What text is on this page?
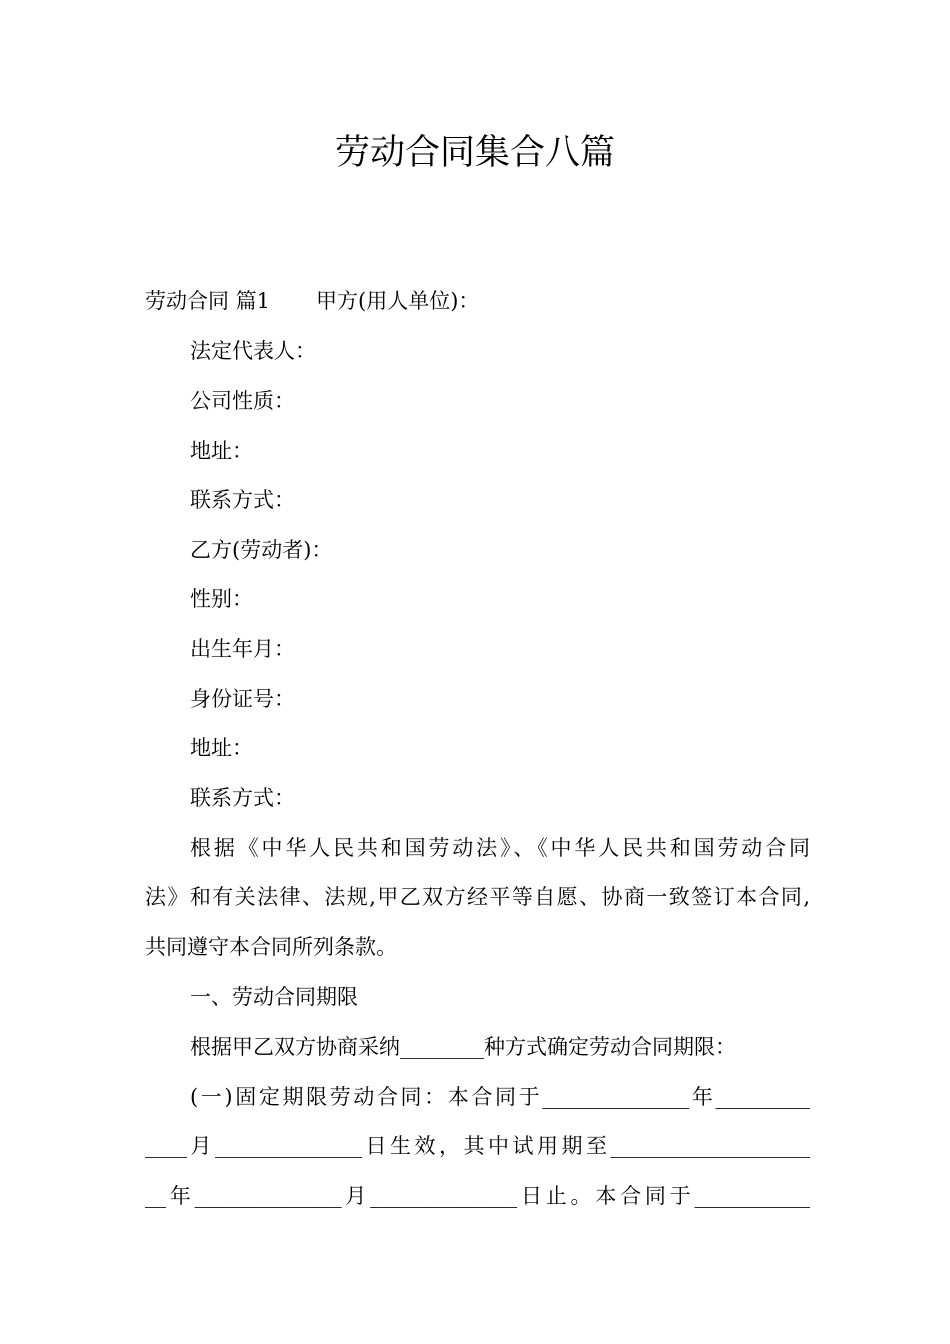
劳动合同集合八篇
劳动合同 篇1 甲方(用人单位)：
法定代表人：
公司性质：
地址：
联系方式：
乙方(劳动者)：
性别：
出生年月：
身份证号：
地址：
联系方式：
根据《中华人民共和国劳动法》、《中华人民共和国劳动合同
法》和有关法律、法规,甲乙双方经平等自愿、协商一致签订本合同,
共同遵守本合同所列条款。
一、劳动合同期限
根据甲乙双方协商采纳________种方式确定劳动合同期限：
(一)固定期限劳动合同：本合同于______________年_________
____月______________日生效，其中试用期至___________________
__年______________月______________日止。本合同于___________
